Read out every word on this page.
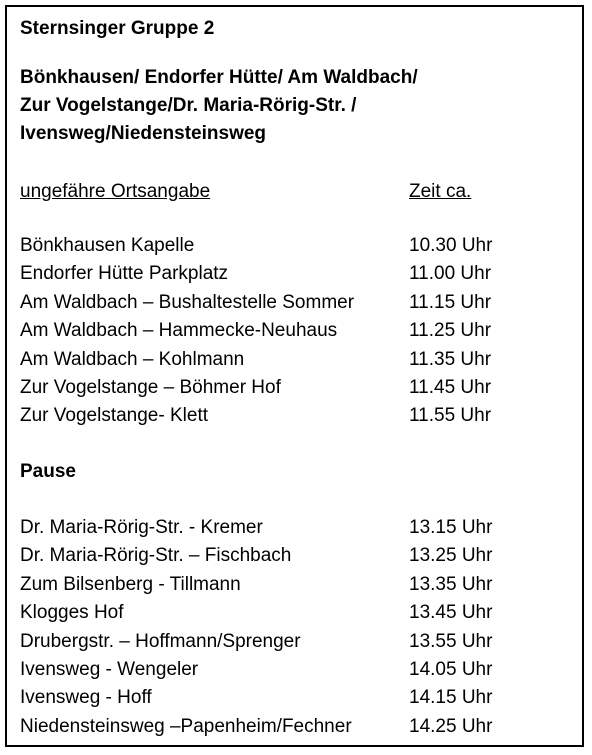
Sternsinger Gruppe 2
Bönkhausen/ Endorfer Hütte/ Am Waldbach/
Zur Vogelstange/Dr. Maria-Rörig-Str. /
Ivensweg/Niedensteinsweg
ungefähre Ortsangabe	Zeit ca.
Bönkhausen Kapelle	10.30 Uhr
Endorfer Hütte Parkplatz	11.00 Uhr
Am Waldbach – Bushaltestelle Sommer	11.15 Uhr
Am Waldbach – Hammecke-Neuhaus	11.25 Uhr
Am Waldbach – Kohlmann	11.35 Uhr
Zur Vogelstange – Böhmer Hof	11.45 Uhr
Zur Vogelstange- Klett	11.55 Uhr
Pause
Dr. Maria-Rörig-Str. - Kremer	13.15 Uhr
Dr. Maria-Rörig-Str. – Fischbach	13.25 Uhr
Zum Bilsenberg - Tillmann	13.35 Uhr
Klogges Hof	13.45 Uhr
Drubergstr. – Hoffmann/Sprenger	13.55 Uhr
Ivensweg - Wengeler	14.05 Uhr
Ivensweg - Hoff	14.15 Uhr
Niedensteinsweg –Papenheim/Fechner	14.25 Uhr
